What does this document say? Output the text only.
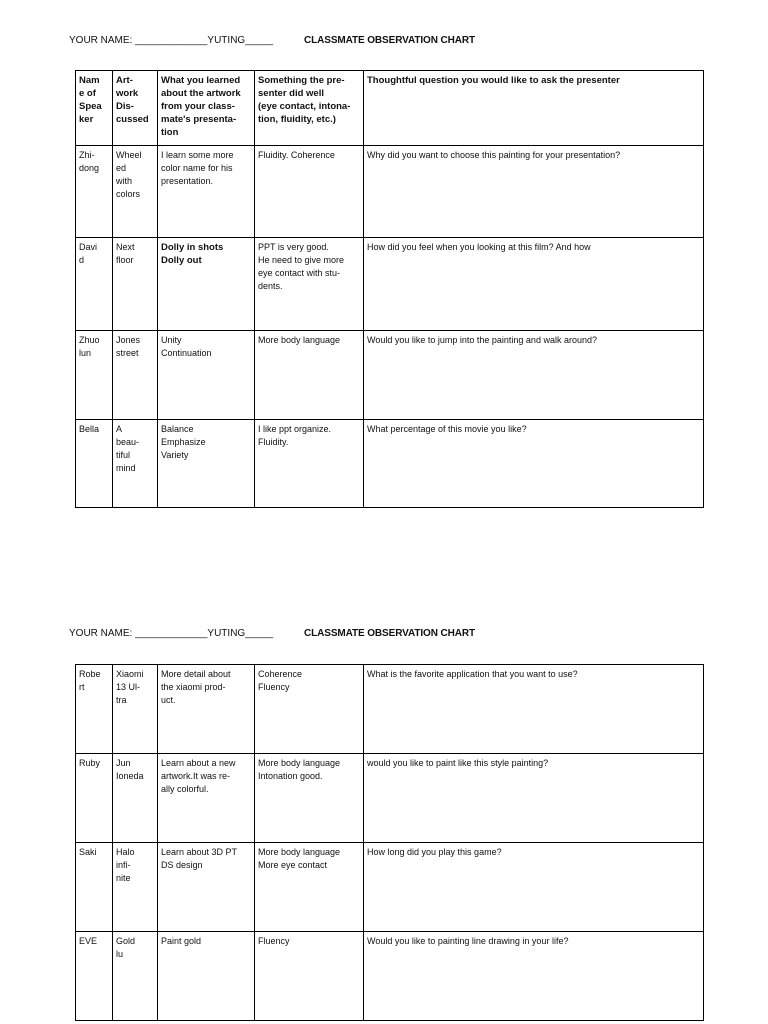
YOUR NAME: _____________YUTING_____

	CLASSMATE OBSERVATION CHART

Nam
e of
Spea
ker	Art-
work
Dis-
cussed	What you learned
about the artwork
from your class-
mate's presenta-
tion	Something the pre-
senter did well
(eye contact, intona-
tion, fluidity, etc.)	Thoughtful question you would like to ask the presenter
Zhi-
dong	Wheel
ed
with
colors	I learn some more
color name for his
presentation.	Fluidity. Coherence	Why did you want to choose this painting for your presentation?
Davi
d	Next
floor	Dolly in shots
Dolly out	PPT is very good.
He need to give more
eye contact with stu-
dents.	How did you feel when you looking at this film? And how
Zhuo
lun	Jones
street	Unity
Continuation	More body language	Would you like to jump into the painting and walk around?
Bella	A
beau-
tiful
mind	Balance
Emphasize
Variety	I like ppt organize.
Fluidity.	What percentage of this movie you like?

YOUR NAME: _____________YUTING_____

	CLASSMATE OBSERVATION CHART

Robe
rt	Xiaomi
13 Ul-
tra	More detail about
the xiaomi prod-
uct.	Coherence
Fluency	What is the favorite application that you want to use?
Ruby	Jun
Ioneda	Learn about a new
artwork.It was re-
ally colorful.	More body language
Intonation good.	would you like to paint like this style painting?
Saki	Halo
infi-
nite	Learn about 3D PT
DS design	More body language
More eye contact	How long did you play this game?
EVE	Gold
lu	Paint gold	Fluency	Would you like to painting line drawing in your life?
